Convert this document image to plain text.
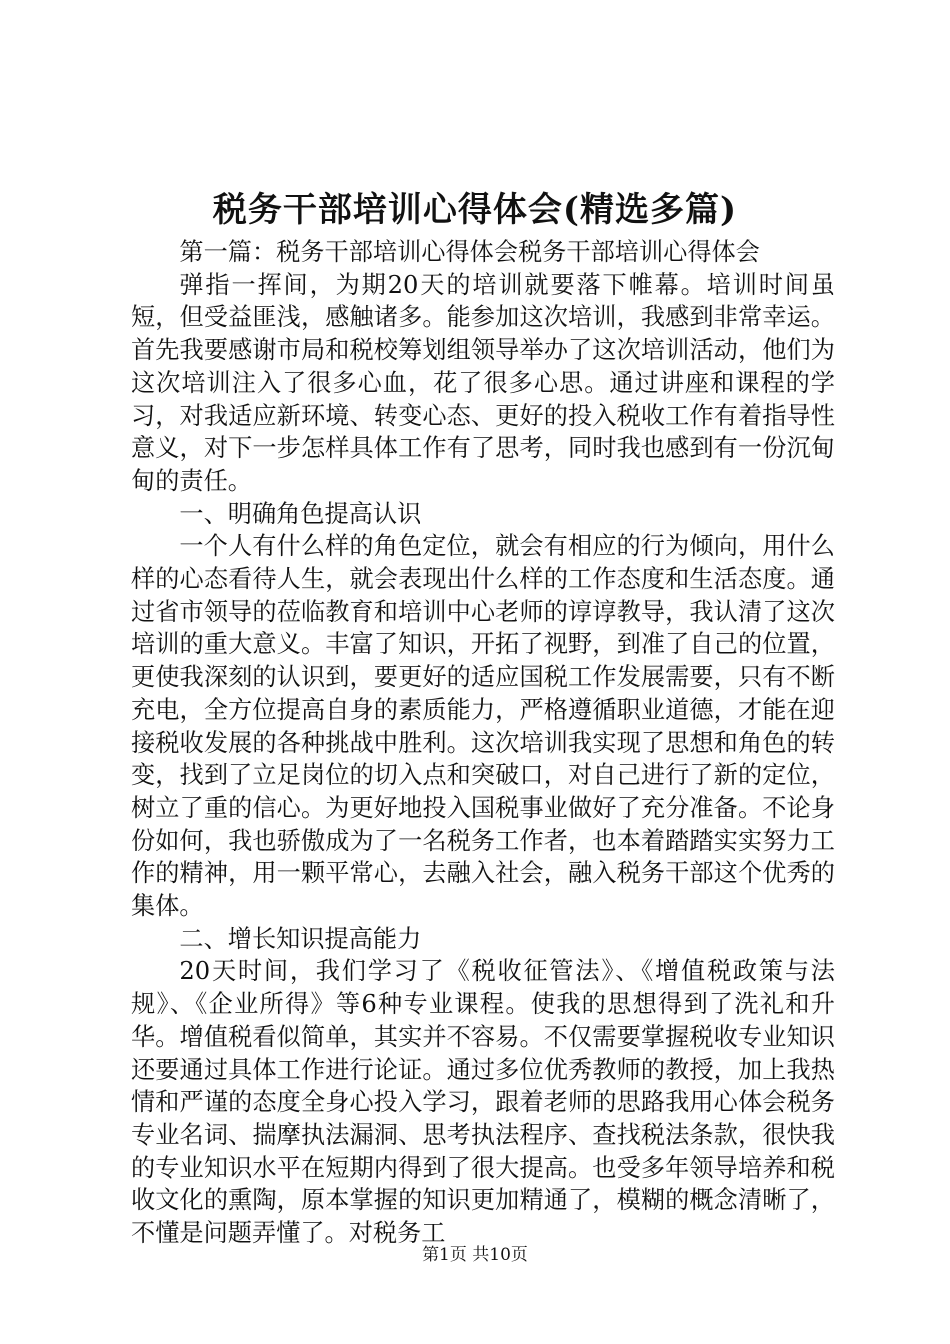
税务干部培训心得体会(精选多篇)

第一篇：税务干部培训心得体会税务干部培训心得体会

弹指一挥间，为期20天的培训就要落下帷幕。培训时间虽短，但受益匪浅，感触诸多。能参加这次培训，我感到非常幸运。首先我要感谢市局和税校筹划组领导举办了这次培训活动，他们为这次培训注入了很多心血，花了很多心思。通过讲座和课程的学习，对我适应新环境、转变心态、更好的投入税收工作有着指导性意义，对下一步怎样具体工作有了思考，同时我也感到有一份沉甸甸的责任。

一、明确角色提高认识

一个人有什么样的角色定位，就会有相应的行为倾向，用什么样的心态看待人生，就会表现出什么样的工作态度和生活态度。通过省市领导的莅临教育和培训中心老师的谆谆教导，我认清了这次培训的重大意义。丰富了知识，开拓了视野，到准了自己的位置，更使我深刻的认识到，要更好的适应国税工作发展需要，只有不断充电，全方位提高自身的素质能力，严格遵循职业道德，才能在迎接税收发展的各种挑战中胜利。这次培训我实现了思想和角色的转变，找到了立足岗位的切入点和突破口，对自己进行了新的定位，树立了重的信心。为更好地投入国税事业做好了充分准备。不论身份如何，我也骄傲成为了一名税务工作者，也本着踏踏实实努力工作的精神，用一颗平常心，去融入社会，融入税务干部这个优秀的集体。

二、增长知识提高能力

20天时间，我们学习了《税收征管法》、《增值税政策与法规》、《企业所得》等6种专业课程。使我的思想得到了洗礼和升华。增值税看似简单，其实并不容易。不仅需要掌握税收专业知识还要通过具体工作进行论证。通过多位优秀教师的教授，加上我热情和严谨的态度全身心投入学习，跟着老师的思路我用心体会税务专业名词、揣摩执法漏洞、思考执法程序、查找税法条款，很快我的专业知识水平在短期内得到了很大提高。也受多年领导培养和税收文化的熏陶，原本掌握的知识更加精通了，模糊的概念清晰了，不懂是问题弄懂了。对税务工

第1页 共10页
